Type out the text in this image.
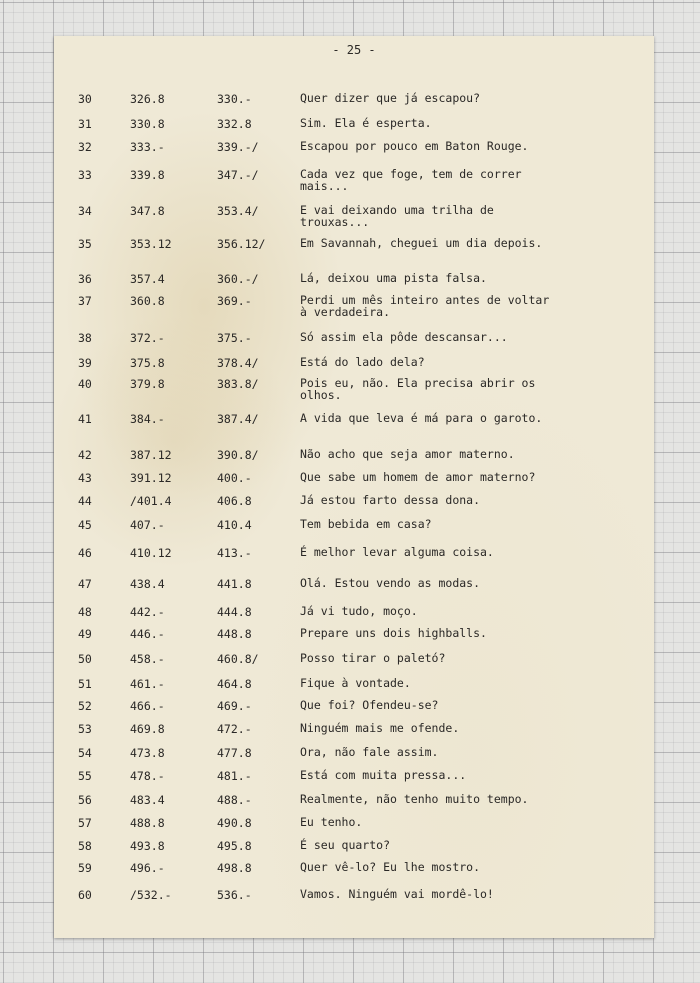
- 25 -
30	326.8	330.-	Quer dizer que já escapou?
31	330.8	332.8	Sim. Ela é esperta.
32	333.-	339.-/	Escapou por pouco em Baton Rouge.
33	339.8	347.-/	Cada vez que foge, tem de correr mais...
34	347.8	353.4/	E vai deixando uma trilha de trouxas...
35	353.12	356.12/	Em Savannah, cheguei um dia depois.
36	357.4	360.-/	Lá, deixou uma pista falsa.
37	360.8	369.-	Perdi um mês inteiro antes de voltar à verdadeira.
38	372.-	375.-	Só assim ela pôde descansar...
39	375.8	378.4/	Está do lado dela?
40	379.8	383.8/	Pois eu, não. Ela precisa abrir os olhos.
41	384.-	387.4/	A vida que leva é má para o garoto.
42	387.12	390.8/	Não acho que seja amor materno.
43	391.12	400.-	Que sabe um homem de amor materno?
44	/401.4	406.8	Já estou farto dessa dona.
45	407.-	410.4	Tem bebida em casa?
46	410.12	413.-	É melhor levar alguma coisa.
47	438.4	441.8	Olá. Estou vendo as modas.
48	442.-	444.8	Já vi tudo, moço.
49	446.-	448.8	Prepare uns dois highballs.
50	458.-	460.8/	Posso tirar o paletó?
51	461.-	464.8	Fique à vontade.
52	466.-	469.-	Que foi? Ofendeu-se?
53	469.8	472.-	Ninguém mais me ofende.
54	473.8	477.8	Ora, não fale assim.
55	478.-	481.-	Está com muita pressa...
56	483.4	488.-	Realmente, não tenho muito tempo.
57	488.8	490.8	Eu tenho.
58	493.8	495.8	É seu quarto?
59	496.-	498.8	Quer vê-lo? Eu lhe mostro.
60	/532.-	536.-	Vamos. Ninguém vai mordê-lo!
